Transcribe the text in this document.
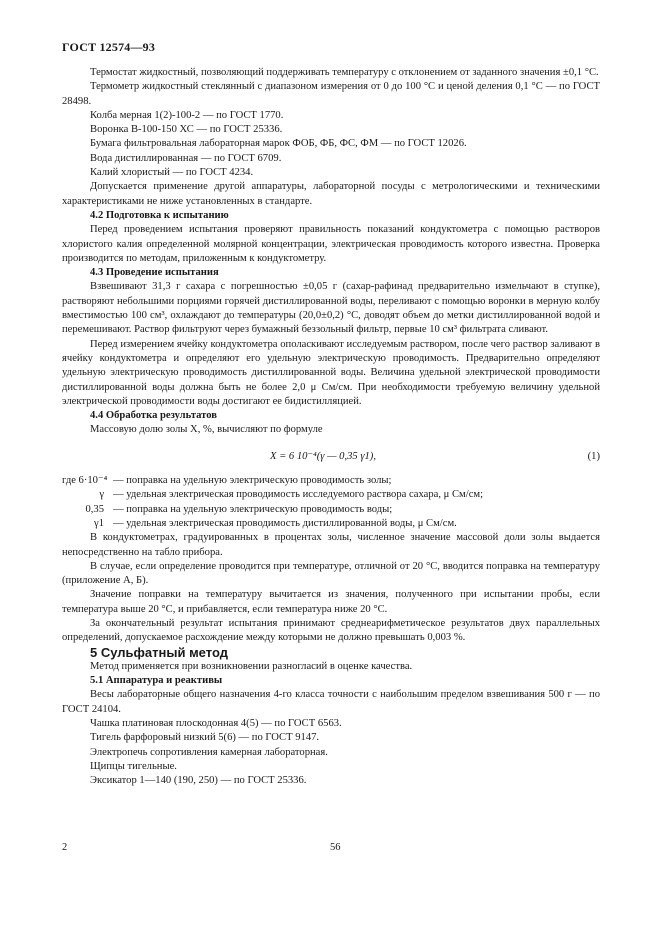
ГОСТ 12574—93

Термостат жидкостный, позволяющий поддерживать температуру с отклонением от заданного значения ±0,1 °С.

Термометр жидкостный стеклянный с диапазоном измерения от 0 до 100 °С и ценой деления 0,1 °С — по ГОСТ 28498.

Колба мерная 1(2)-100-2 — по ГОСТ 1770.

Воронка В-100-150 ХС — по ГОСТ 25336.

Бумага фильтровальная лабораторная марок ФОБ, ФБ, ФС, ФМ — по ГОСТ 12026.

Вода дистиллированная — по ГОСТ 6709.

Калий хлористый — по ГОСТ 4234.

Допускается применение другой аппаратуры, лабораторной посуды с метрологическими и техническими характеристиками не ниже установленных в стандарте.

4.2 Подготовка к испытанию

Перед проведением испытания проверяют правильность показаний кондуктометра с помощью растворов хлористого калия определенной молярной концентрации, электрическая проводимость которого известна. Проверка производится по методам, приложенным к кондуктометру.

4.3 Проведение испытания

Взвешивают 31,3 г сахара с погрешностью ±0,05 г (сахар-рафинад предварительно измельчают в ступке), растворяют небольшими порциями горячей дистиллированной воды, переливают с помощью воронки в мерную колбу вместимостью 100 см³, охлаждают до температуры (20,0±0,2) °С, доводят объем до метки дистиллированной водой и перемешивают. Раствор фильтруют через бумажный беззольный фильтр, первые 10 см³ фильтрата сливают.

Перед измерением ячейку кондуктометра ополаскивают исследуемым раствором, после чего раствор заливают в ячейку кондуктометра и определяют его удельную электрическую проводимость. Предварительно определяют удельную электрическую проводимость дистиллированной воды. Величина удельной электрической проводимости дистиллированной воды должна быть не более 2,0 μ См/см. При необходимости требуемую величину удельной электрической проводимости воды достигают ее бидистилляцией.

4.4 Обработка результатов

Массовую долю золы X, %, вычисляют по формуле

X = 6 10⁻⁴(γ — 0,35 γ1),	(1)
где 6·10⁻⁴ — поправка на удельную электрическую проводимость золы;
γ — удельная электрическая проводимость исследуемого раствора сахара, μ См/см;
0,35 — поправка на удельную электрическую проводимость воды;
γ1 — удельная электрическая проводимость дистиллированной воды, μ См/см.

В кондуктометрах, градуированных в процентах золы, численное значение массовой доли золы выдается непосредственно на табло прибора.

В случае, если определение проводится при температуре, отличной от 20 °С, вводится поправка на температуру (приложение А, Б).

Значение поправки на температуру вычитается из значения, полученного при испытании пробы, если температура выше 20 °С, и прибавляется, если температура ниже 20 °С.

За окончательный результат испытания принимают среднеарифметическое результатов двух параллельных определений, допускаемое расхождение между которыми не должно превышать 0,003 %.

5 Сульфатный метод

Метод применяется при возникновении разногласий в оценке качества.

5.1 Аппаратура и реактивы

Весы лабораторные общего назначения 4-го класса точности с наибольшим пределом взвешивания 500 г — по ГОСТ 24104.

Чашка платиновая плоскодонная 4(5) — по ГОСТ 6563.

Тигель фарфоровый низкий 5(6) — по ГОСТ 9147.

Электропечь сопротивления камерная лабораторная.

Щипцы тигельные.

Эксикатор 1—140 (190, 250) — по ГОСТ 25336.

2	56
